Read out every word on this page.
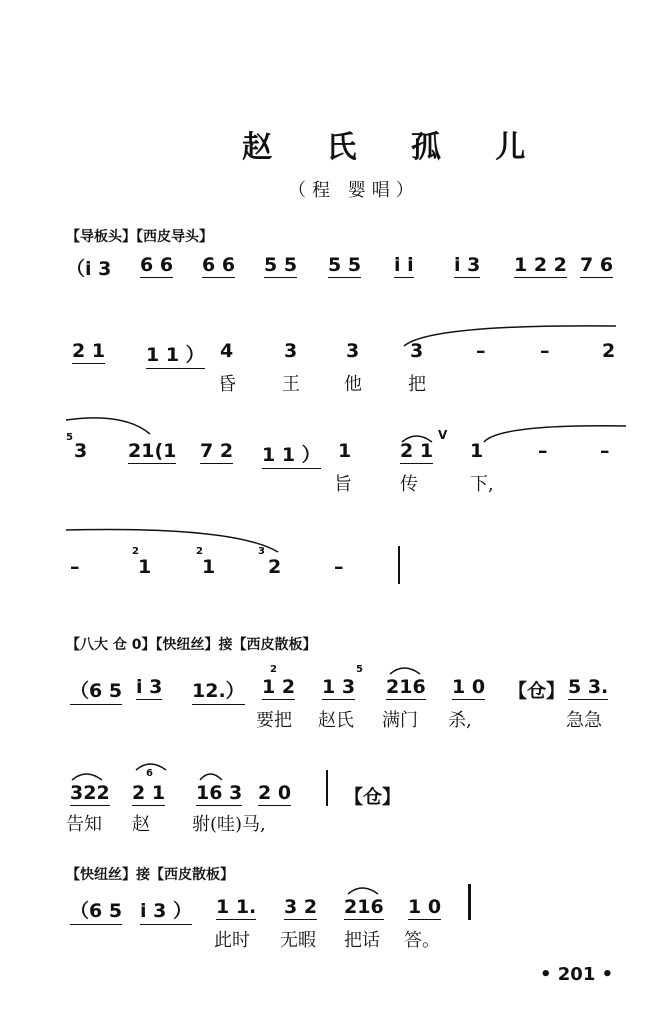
赵 氏 孤 儿
（程 婴唱）
【导板头】【西皮导头】
（i 3 6 6 6 6 5 5 5 5 i i i 3 1 2 2 7 6
2 1 1 1 ） 4	3	3	3	–	–	2
昏	王 他	把
5
3 21(1 7 2 1 1 ） 1	2 1
V
1	–	–
旨	传	下,
–
2
1
2
1
3
2	–
【八大 仓 0】【快纽丝】接【西皮散板】
（6 5 i 3 12.）
2
1 2
5
1 3 216 1 0 【仓】 5 3.
要把 赵氏 满门 杀,	急急
322
6
2 1 16 3 2 0	【仓】
告知 赵 驸(哇)马,
【快纽丝】接【西皮散板】
（6 5 i 3 ） 1 1. 3 2 216 1 0
此时 无暇 把话 答。
• 201 •
